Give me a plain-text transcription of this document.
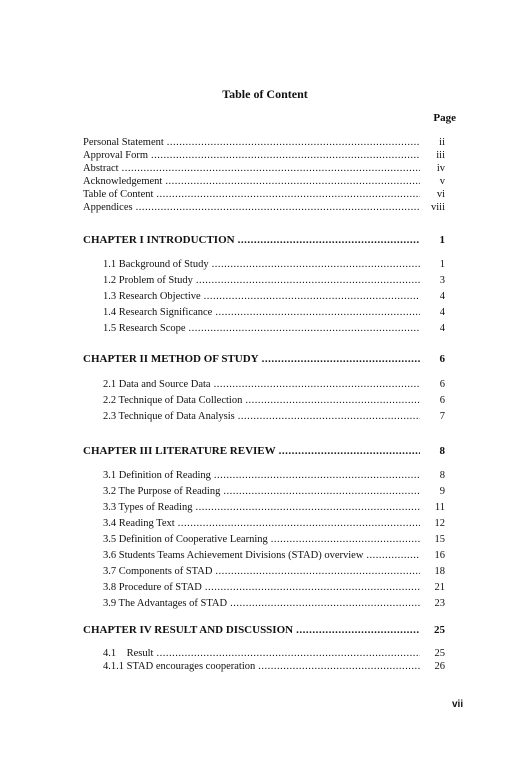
Table of Content
Page
Personal Statement .....	ii
Approval Form .....	iii
Abstract .....	iv
Acknowledgement .....	v
Table of Content .....	vi
Appendices .....	viii
CHAPTER I INTRODUCTION .....	1
1.1 Background of Study .....	1
1.2 Problem of Study .....	3
1.3 Research Objective .....	4
1.4 Research Significance .....	4
1.5 Research Scope .....	4
CHAPTER II METHOD OF STUDY .....	6
2.1 Data and Source Data .....	6
2.2 Technique of Data Collection .....	6
2.3 Technique of Data Analysis .....	7
CHAPTER III LITERATURE REVIEW .....	8
3.1 Definition of Reading .....	8
3.2 The Purpose of Reading .....	9
3.3 Types of Reading .....	11
3.4 Reading Text .....	12
3.5 Definition of Cooperative Learning .....	15
3.6 Students Teams Achievement Divisions (STAD) overview .....	16
3.7 Components of STAD .....	18
3.8 Procedure of STAD .....	21
3.9 The Advantages of STAD .....	23
CHAPTER IV RESULT AND DISCUSSION .....	25
4.1    Result .....	25
4.1.1 STAD encourages cooperation .....	26
vii
